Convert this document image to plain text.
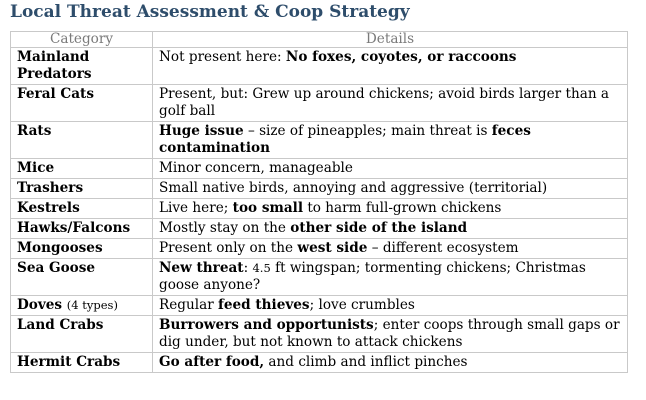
Local Threat Assessment & Coop Strategy
Category	Details
Mainland Predators	Not present here: No foxes, coyotes, or raccoons
Feral Cats	Present, but: Grew up around chickens; avoid birds larger than a golf ball
Rats	Huge issue – size of pineapples; main threat is feces contamination
Mice	Minor concern, manageable
Trashers	Small native birds, annoying and aggressive (territorial)
Kestrels	Live here; too small to harm full-grown chickens
Hawks/Falcons	Mostly stay on the other side of the island
Mongooses	Present only on the west side – different ecosystem
Sea Goose	New threat: 4.5 ft wingspan; tormenting chickens; Christmas goose anyone?
Doves (4 types)	Regular feed thieves; love crumbles
Land Crabs	Burrowers and opportunists; enter coops through small gaps or dig under, but not known to attack chickens
Hermit Crabs	Go after food, and climb and inflict pinches
